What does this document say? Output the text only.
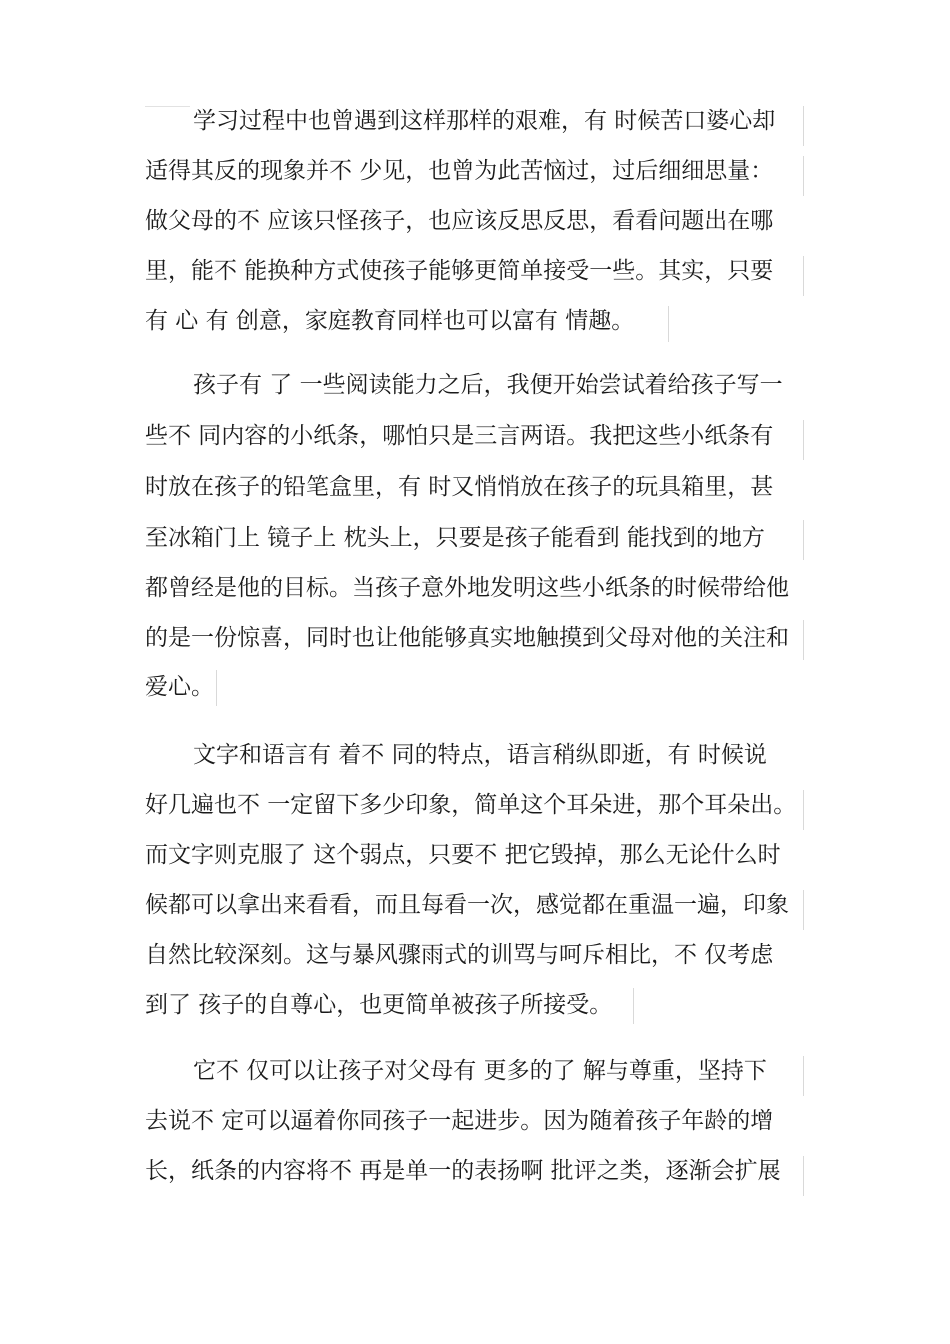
学习过程中也曾遇到这样那样的艰难，有 时候苦口婆心却
适得其反的现象并不 少见，也曾为此苦恼过，过后细细思量：
做父母的不 应该只怪孩子，也应该反思反思，看看问题出在哪
里，能不 能换种方式使孩子能够更简单接受一些。其实，只要
有 心 有 创意，家庭教育同样也可以富有 情趣。
孩子有 了 一些阅读能力之后，我便开始尝试着给孩子写一
些不 同内容的小纸条，哪怕只是三言两语。我把这些小纸条有
时放在孩子的铅笔盒里，有 时又悄悄放在孩子的玩具箱里，甚
至冰箱门上 镜子上 枕头上，只要是孩子能看到 能找到的地方
都曾经是他的目标。当孩子意外地发明这些小纸条的时候带给他
的是一份惊喜，同时也让他能够真实地触摸到父母对他的关注和
爱心。
文字和语言有 着不 同的特点，语言稍纵即逝，有 时候说
好几遍也不 一定留下多少印象，简单这个耳朵进，那个耳朵出。
而文字则克服了 这个弱点，只要不 把它毁掉，那么无论什么时
候都可以拿出来看看，而且每看一次，感觉都在重温一遍，印象
自然比较深刻。这与暴风骤雨式的训骂与呵斥相比，不 仅考虑
到了 孩子的自尊心，也更简单被孩子所接受。
它不 仅可以让孩子对父母有 更多的了 解与尊重，坚持下
去说不 定可以逼着你同孩子一起进步。因为随着孩子年龄的增
长，纸条的内容将不 再是单一的表扬啊 批评之类，逐渐会扩展
